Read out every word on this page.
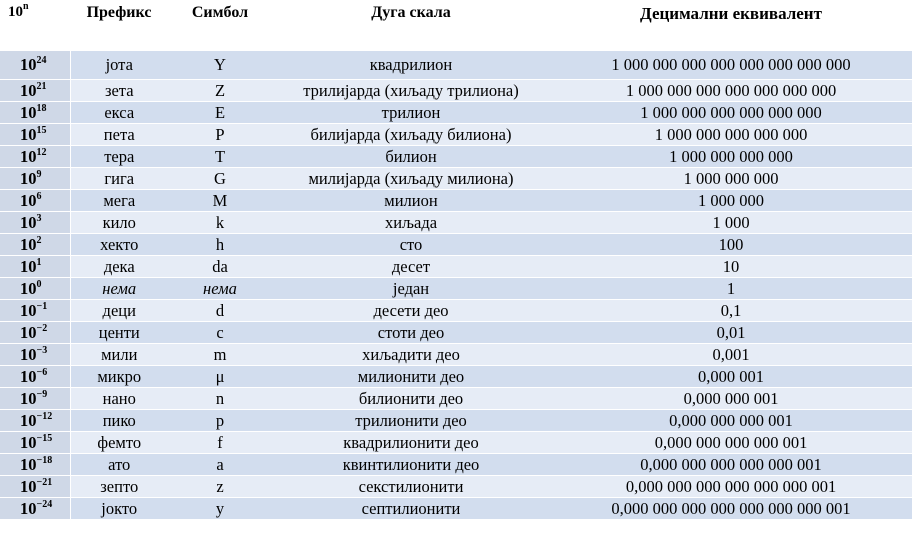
10$^n$	Префикс	Симбол	Дуга скала	Децимални еквивалент

$10^{24}$	јота	Y	квадрилион	1 000 000 000 000 000 000 000 000
$10^{21}$	зета	Z	трилијарда (хиљаду трилиона)	1 000 000 000 000 000 000 000
$10^{18}$	екса	E	трилион	1 000 000 000 000 000 000
$10^{15}$	пета	P	билијарда (хиљаду билиона)	1 000 000 000 000 000
$10^{12}$	тера	T	билион	1 000 000 000 000
$10^9$	гига	G	милијарда (хиљаду милиона)	1 000 000 000
$10^6$	мега	M	милион	1 000 000
$10^3$	кило	k	хиљада	1 000
$10^2$	хекто	h	сто	100
$10^1$	дека	da	десет	10
$10^0$	нема	нема	један	1
$10^{-1}$	деци	d	десети део	0,1
$10^{-2}$	центи	c	стоти део	0,01
$10^{-3}$	мили	m	хиљадити део	0,001
$10^{-6}$	микро	μ	милионити део	0,000 001
$10^{-9}$	нано	n	билионити део	0,000 000 001
$10^{-12}$	пико	p	трилионити део	0,000 000 000 001
$10^{-15}$	фемто	f	квадрилионити део	0,000 000 000 000 001
$10^{-18}$	ато	a	квинтилионити део	0,000 000 000 000 000 001
$10^{-21}$	зепто	z	секстилионити	0,000 000 000 000 000 000 001
$10^{-24}$	јокто	y	септилионити	0,000 000 000 000 000 000 000 001
